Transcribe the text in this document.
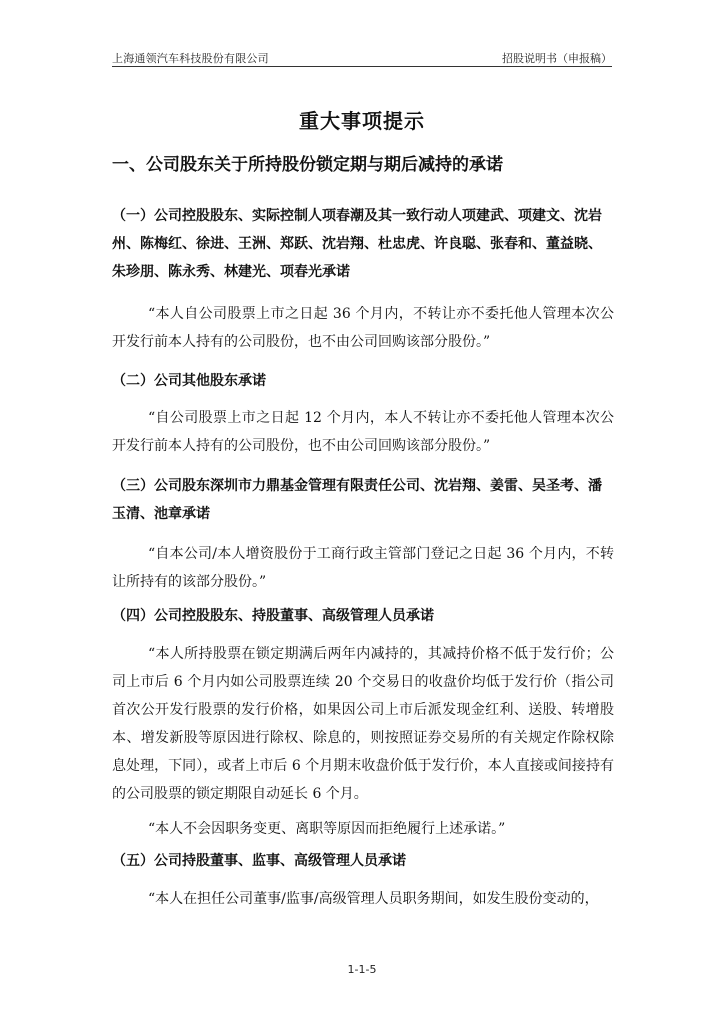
上海通领汽车科技股份有限公司	招股说明书（申报稿）
重大事项提示
一、公司股东关于所持股份锁定期与期后减持的承诺
（一）公司控股股东、实际控制人项春潮及其一致行动人项建武、项建文、沈岩州、陈梅红、徐进、王洲、郑跃、沈岩翔、杜忠虎、许良聪、张春和、董益晓、朱珍朋、陈永秀、林建光、项春光承诺
“本人自公司股票上市之日起 36 个月内，不转让亦不委托他人管理本次公开发行前本人持有的公司股份，也不由公司回购该部分股份。”
（二）公司其他股东承诺
“自公司股票上市之日起 12 个月内，本人不转让亦不委托他人管理本次公开发行前本人持有的公司股份，也不由公司回购该部分股份。”
（三）公司股东深圳市力鼎基金管理有限责任公司、沈岩翔、姜雷、吴圣考、潘玉清、池章承诺
“自本公司/本人增资股份于工商行政主管部门登记之日起 36 个月内，不转让所持有的该部分股份。”
（四）公司控股股东、持股董事、高级管理人员承诺
“本人所持股票在锁定期满后两年内减持的，其减持价格不低于发行价；公司上市后 6 个月内如公司股票连续 20 个交易日的收盘价均低于发行价（指公司首次公开发行股票的发行价格，如果因公司上市后派发现金红利、送股、转增股本、增发新股等原因进行除权、除息的，则按照证券交易所的有关规定作除权除息处理，下同），或者上市后 6 个月期末收盘价低于发行价，本人直接或间接持有的公司股票的锁定期限自动延长 6 个月。
“本人不会因职务变更、离职等原因而拒绝履行上述承诺。”
（五）公司持股董事、监事、高级管理人员承诺
“本人在担任公司董事/监事/高级管理人员职务期间，如发生股份变动的，
1-1-5
